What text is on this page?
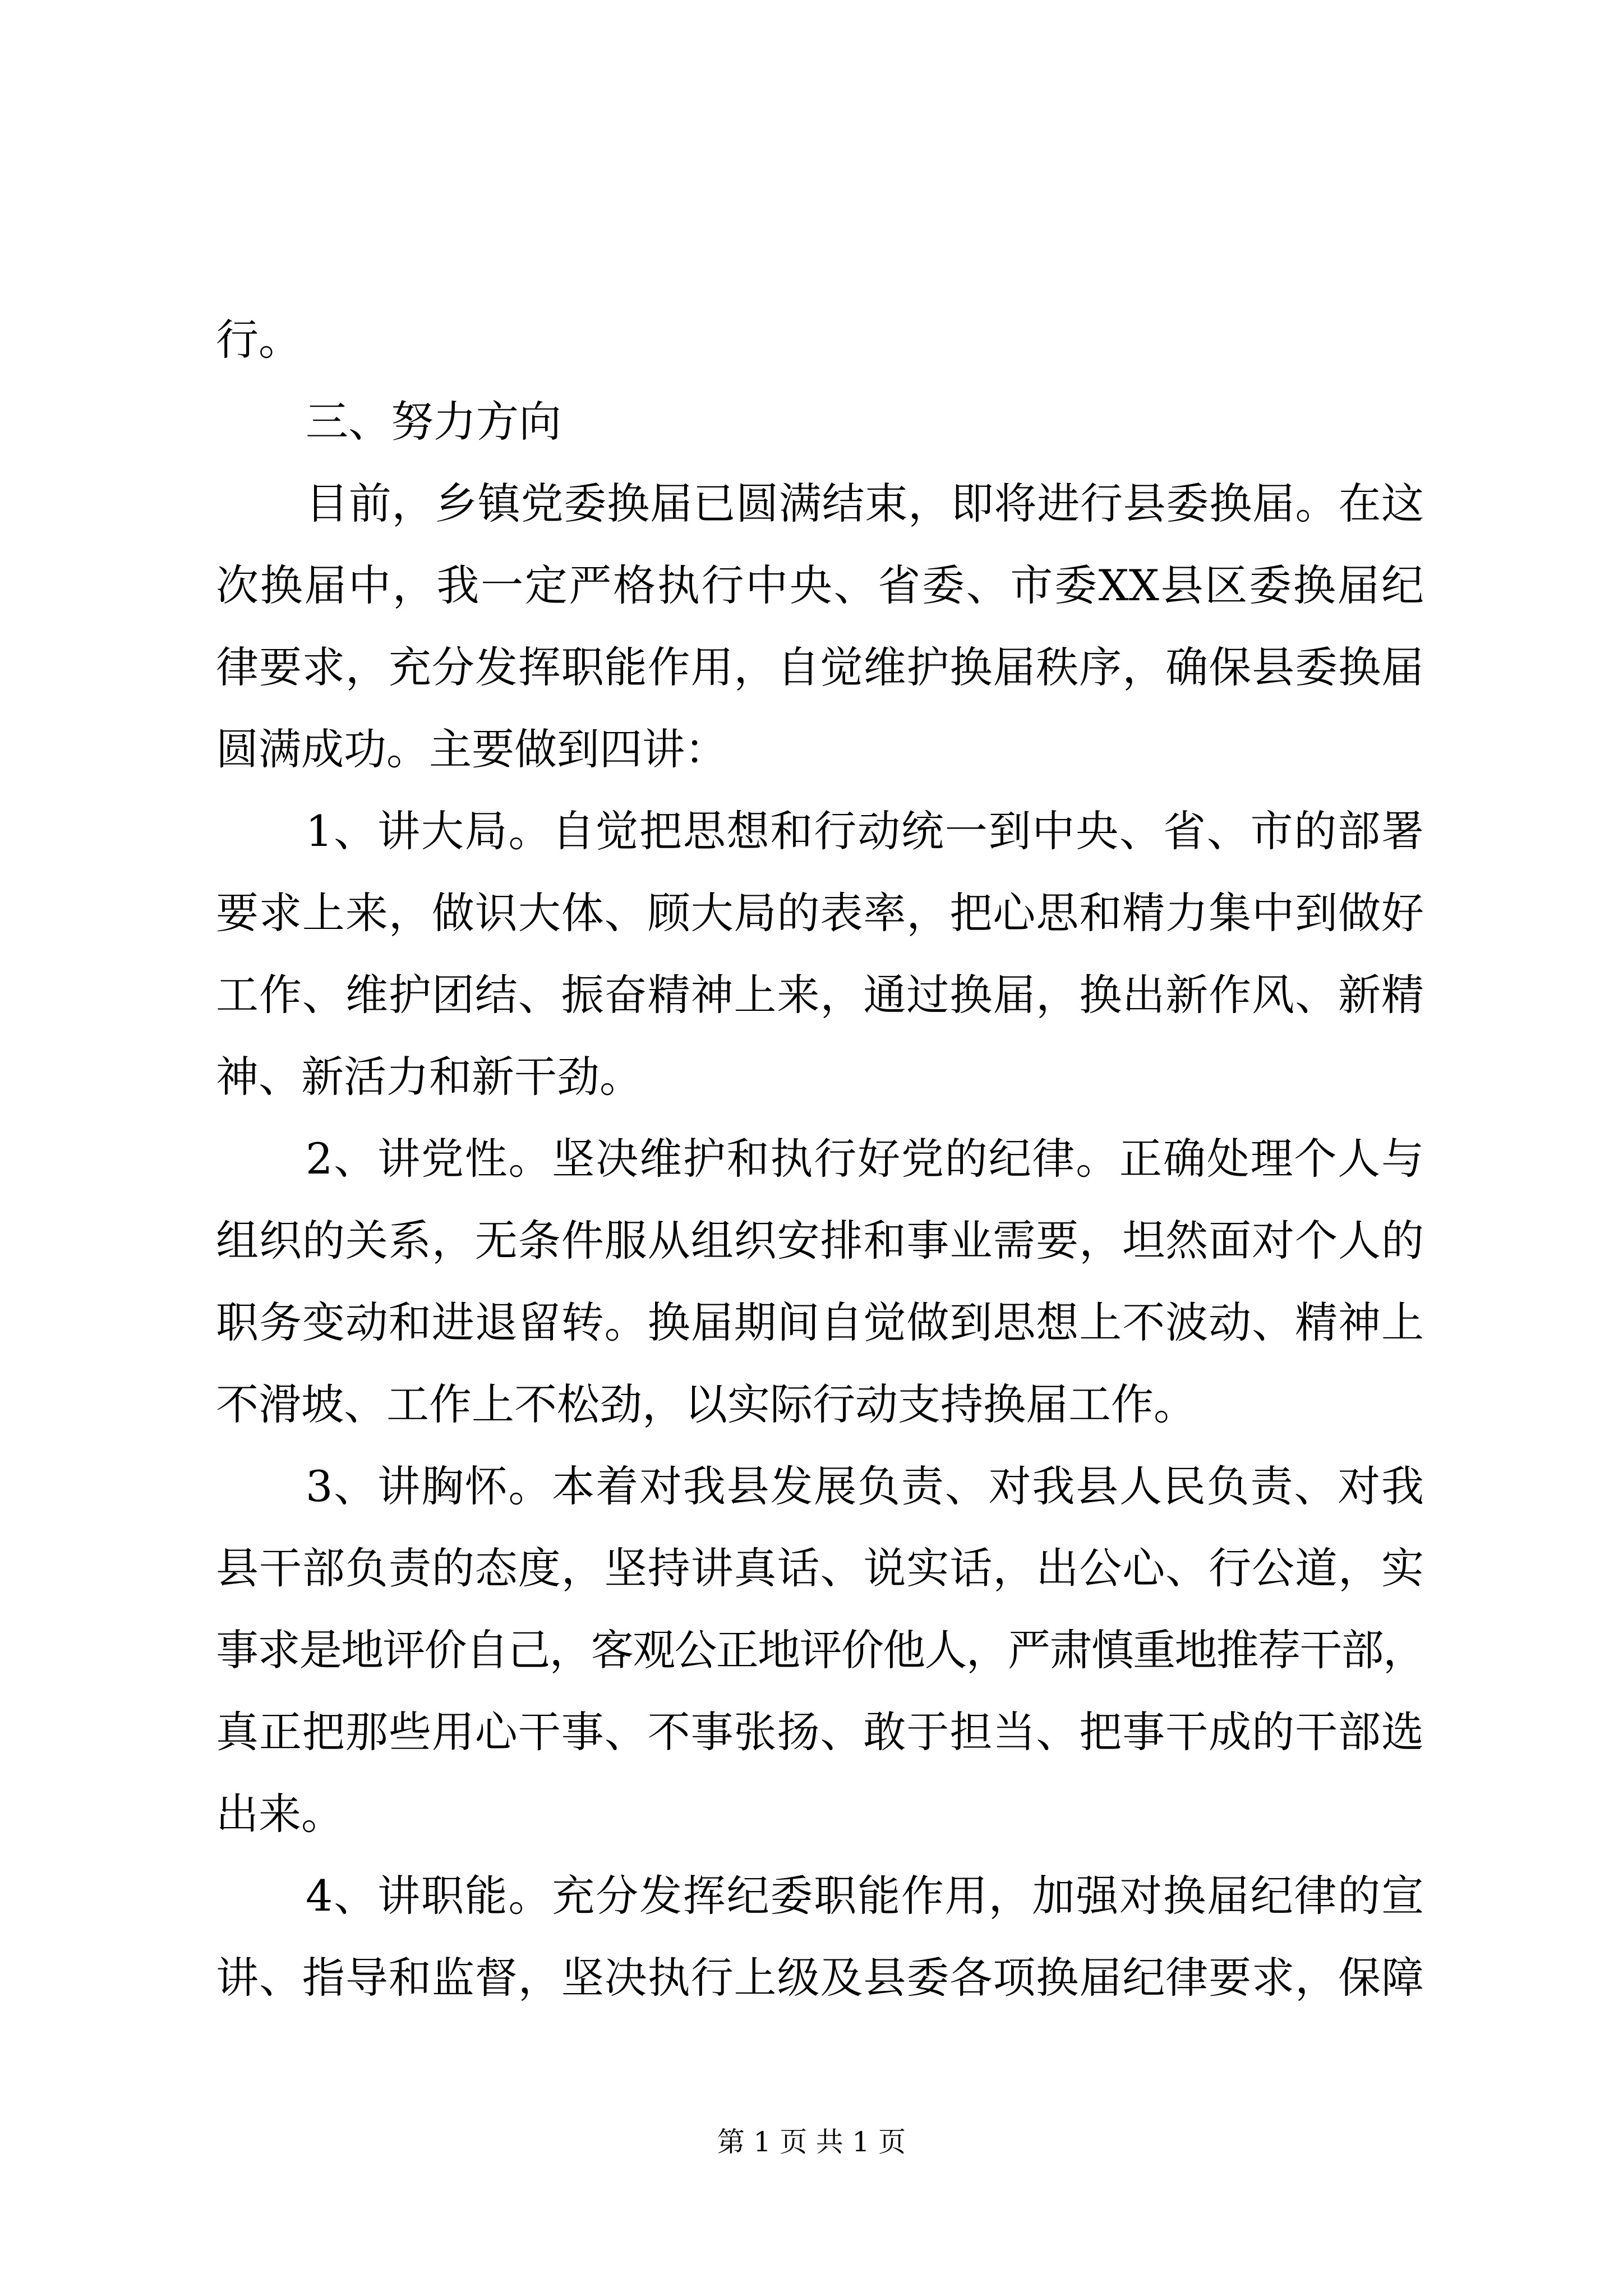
行。
三、努力方向
目前，乡镇党委换届已圆满结束，即将进行县委换届。在这
次换届中，我一定严格执行中央、省委、市委XX县区委换届纪
律要求，充分发挥职能作用，自觉维护换届秩序，确保县委换届
圆满成功。主要做到四讲：
1、讲大局。自觉把思想和行动统一到中央、省、市的部署
要求上来，做识大体、顾大局的表率，把心思和精力集中到做好
工作、维护团结、振奋精神上来，通过换届，换出新作风、新精
神、新活力和新干劲。
2、讲党性。坚决维护和执行好党的纪律。正确处理个人与
组织的关系，无条件服从组织安排和事业需要，坦然面对个人的
职务变动和进退留转。换届期间自觉做到思想上不波动、精神上
不滑坡、工作上不松劲，以实际行动支持换届工作。
3、讲胸怀。本着对我县发展负责、对我县人民负责、对我
县干部负责的态度，坚持讲真话、说实话，出公心、行公道，实
事求是地评价自己，客观公正地评价他人，严肃慎重地推荐干部，
真正把那些用心干事、不事张扬、敢于担当、把事干成的干部选
出来。
4、讲职能。充分发挥纪委职能作用，加强对换届纪律的宣
讲、指导和监督，坚决执行上级及县委各项换届纪律要求，保障
第 1 页 共 1 页
